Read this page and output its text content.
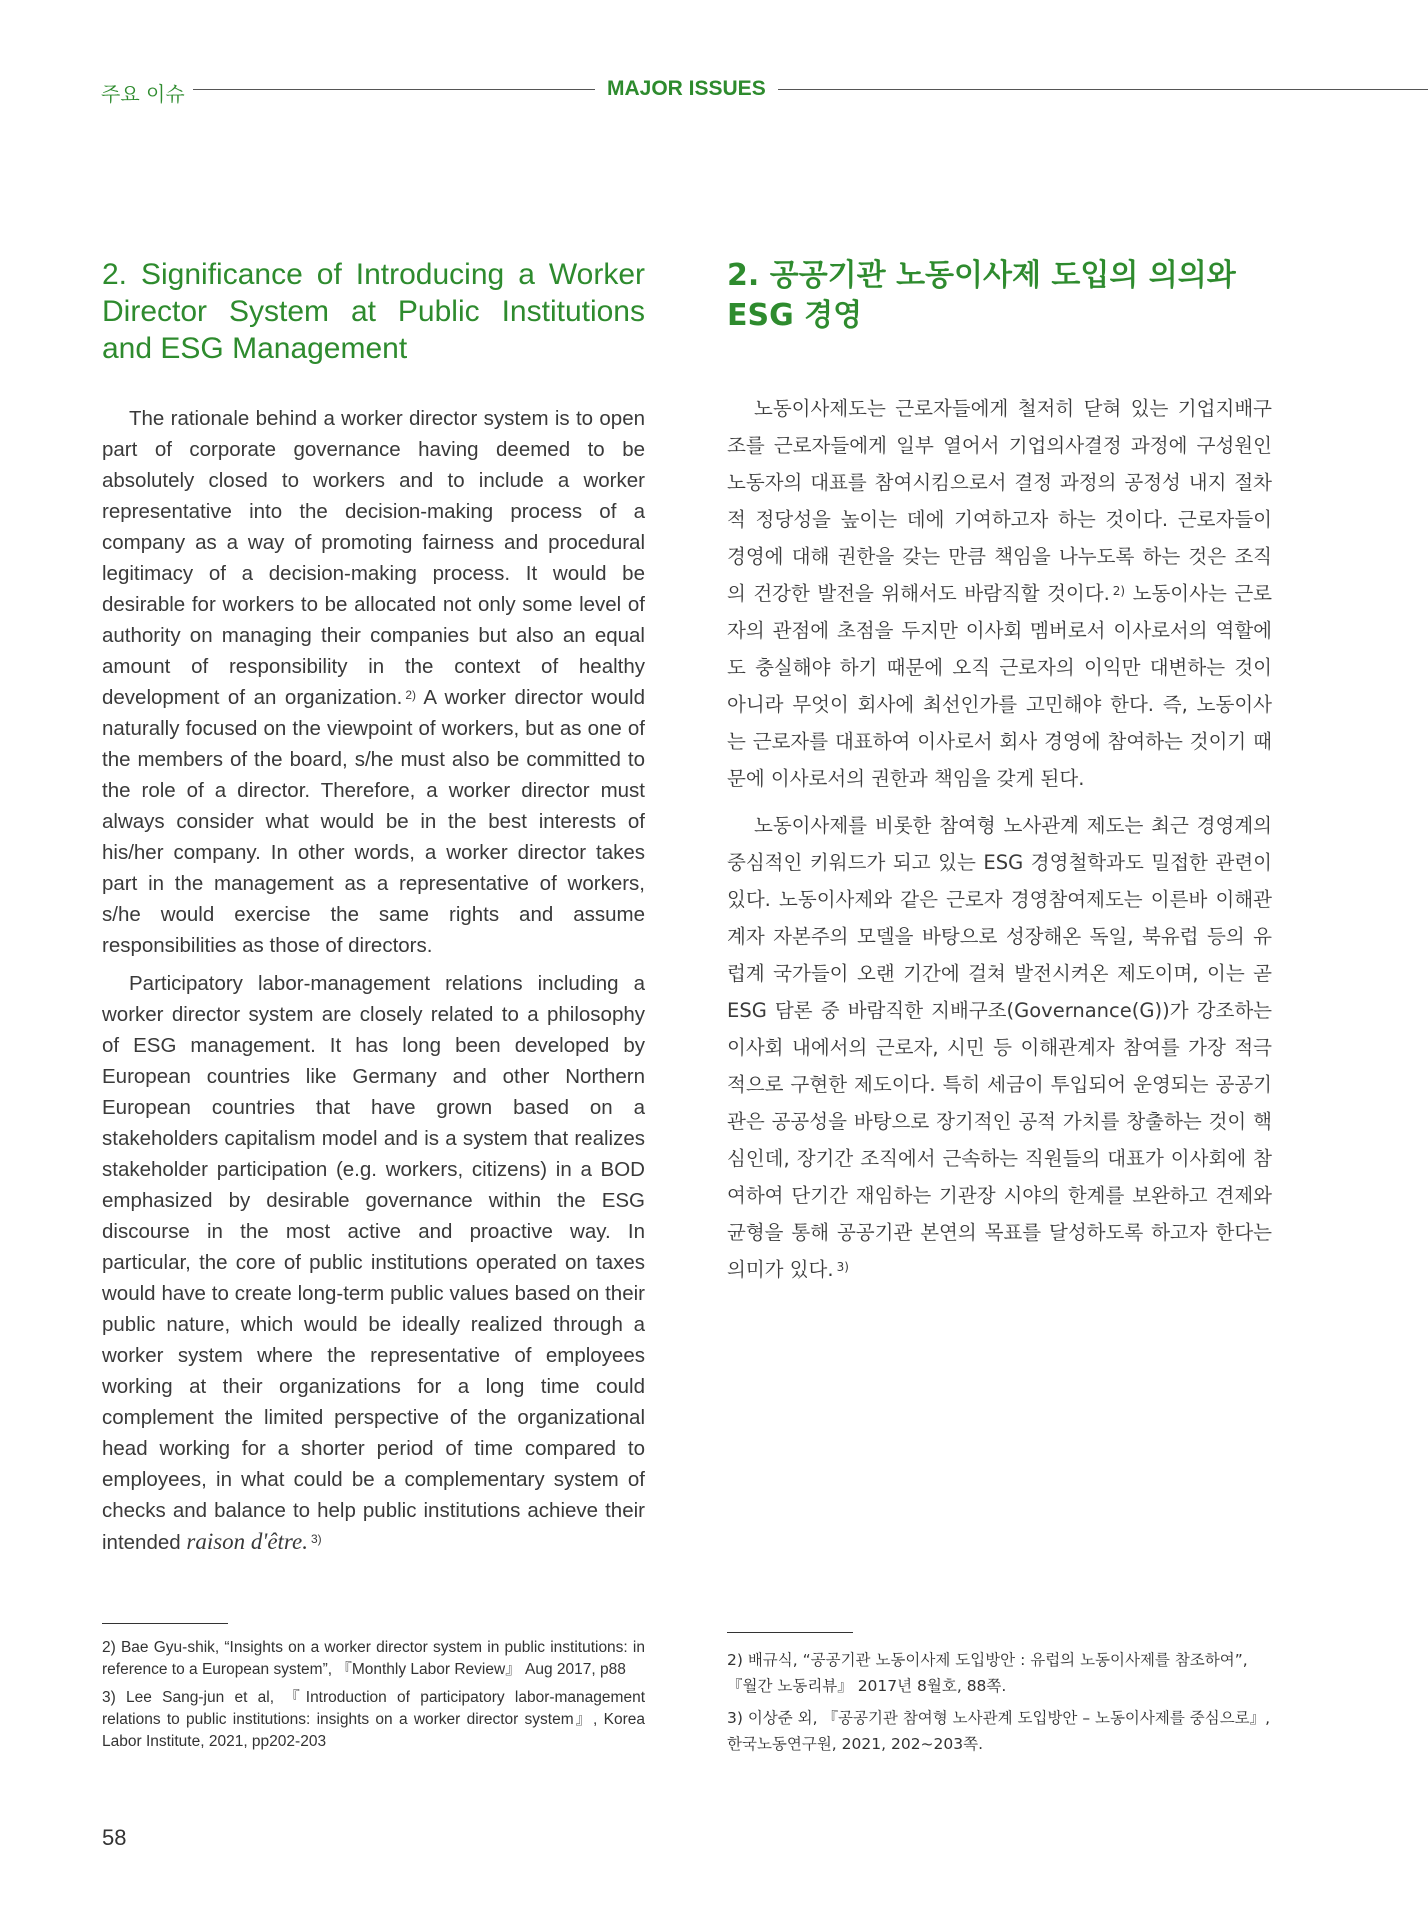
주요 이슈	MAJOR ISSUES
2. Significance of Introducing a Worker Director System at Public Institutions and ESG Management

The rationale behind a worker director system is to open part of corporate governance having deemed to be absolutely closed to workers and to include a worker representative into the decision-making process of a company as a way of promoting fairness and procedural legitimacy of a decision-making process. It would be desirable for workers to be allocated not only some level of authority on managing their companies but also an equal amount of responsibility in the context of healthy development of an organization. $^{2)}$ A worker director would naturally focused on the viewpoint of workers, but as one of the members of the board, s/he must also be committed to the role of a director. Therefore, a worker director must always consider what would be in the best interests of his/her company. In other words, a worker director takes part in the management as a representative of workers, s/he would exercise the same rights and assume responsibilities as those of directors.

Participatory labor-management relations including a worker director system are closely related to a philosophy of ESG management. It has long been developed by European countries like Germany and other Northern European countries that have grown based on a stakeholders capitalism model and is a system that realizes stakeholder participation (e.g. workers, citizens) in a BOD emphasized by desirable governance within the ESG discourse in the most active and proactive way. In particular, the core of public institutions operated on taxes would have to create long-term public values based on their public nature, which would be ideally realized through a worker system where the representative of employees working at their organizations for a long time could complement the limited perspective of the organizational head working for a shorter period of time compared to employees, in what could be a complementary system of checks and balance to help public institutions achieve their intended raison d'être. $^{3)}$

2. 공공기관 노동이사제 도입의 의의와 ESG 경영

노동이사제도는 근로자들에게 철저히 닫혀 있는 기업지배구조를 근로자들에게 일부 열어서 기업의사결정 과정에 구성원인 노동자의 대표를 참여시킴으로서 결정 과정의 공정성 내지 절차적 정당성을 높이는 데에 기여하고자 하는 것이다. 근로자들이 경영에 대해 권한을 갖는 만큼 책임을 나누도록 하는 것은 조직의 건강한 발전을 위해서도 바람직할 것이다. $^{2)}$ 노동이사는 근로자의 관점에 초점을 두지만 이사회 멤버로서 이사로서의 역할에도 충실해야 하기 때문에 오직 근로자의 이익만 대변하는 것이 아니라 무엇이 회사에 최선인가를 고민해야 한다. 즉, 노동이사는 근로자를 대표하여 이사로서 회사 경영에 참여하는 것이기 때문에 이사로서의 권한과 책임을 갖게 된다.

노동이사제를 비롯한 참여형 노사관계 제도는 최근 경영계의 중심적인 키워드가 되고 있는 ESG 경영철학과도 밀접한 관련이 있다. 노동이사제와 같은 근로자 경영참여제도는 이른바 이해관계자 자본주의 모델을 바탕으로 성장해온 독일, 북유럽 등의 유럽계 국가들이 오랜 기간에 걸쳐 발전시켜온 제도이며, 이는 곧 ESG 담론 중 바람직한 지배구조(Governance(G))가 강조하는 이사회 내에서의 근로자, 시민 등 이해관계자 참여를 가장 적극적으로 구현한 제도이다. 특히 세금이 투입되어 운영되는 공공기관은 공공성을 바탕으로 장기적인 공적 가치를 창출하는 것이 핵심인데, 장기간 조직에서 근속하는 직원들의 대표가 이사회에 참여하여 단기간 재임하는 기관장 시야의 한계를 보완하고 견제와 균형을 통해 공공기관 본연의 목표를 달성하도록 하고자 한다는 의미가 있다. $^{3)}$

2) Bae Gyu-shik, “Insights on a worker director system in public institutions: in reference to a European system”, 『Monthly Labor Review』 Aug 2017, p88

3) Lee Sang-jun et al, 『Introduction of participatory labor-management relations to public institutions: insights on a worker director system』, Korea Labor Institute, 2021, pp202-203

2) 배규식, “공공기관 노동이사제 도입방안 : 유럽의 노동이사제를 참조하여”, 『월간 노동리뷰』 2017년 8월호, 88쪽.

3) 이상준 외, 『공공기관 참여형 노사관계 도입방안 – 노동이사제를 중심으로』, 한국노동연구원, 2021, 202~203쪽.

58
